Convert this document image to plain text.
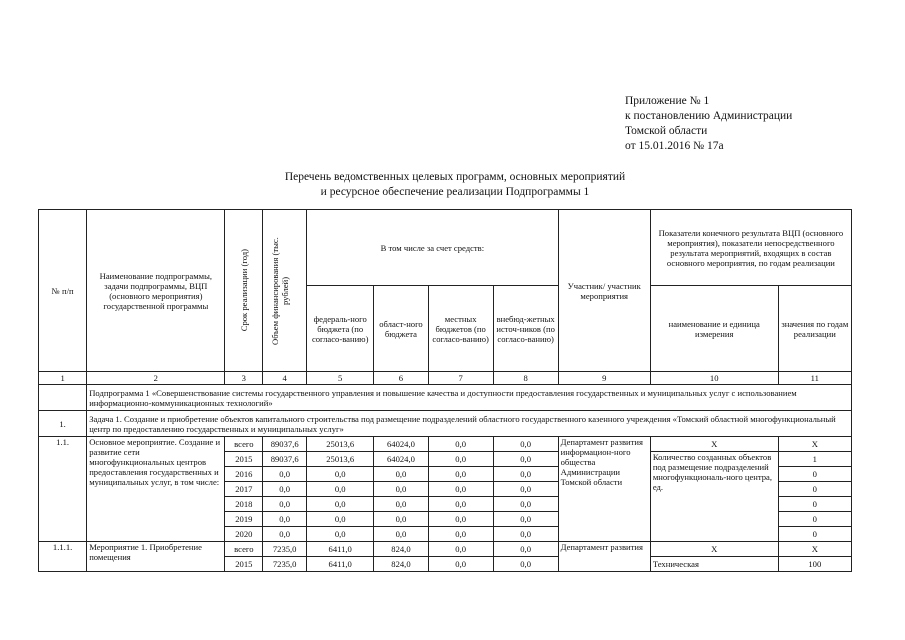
Приложение № 1
к постановлению Администрации
Томской области
от 15.01.2016 № 17а
Перечень ведомственных целевых программ, основных мероприятий
и ресурсное обеспечение реализации Подпрограммы 1
№ п/п	Наименование подпрограммы, задачи подпрограммы, ВЦП (основного мероприятия) государственной программы	Срок реализации (год)	Объем финансирования (тыс. рублей)	В том числе за счет средств:				Участник/ участник мероприятия	Показатели конечного результата ВЦП (основного мероприятия), показатели непосредственного результата мероприятий, входящих в состав основного мероприятия, по годам реализации	
				федераль-ного бюджета (по согласо-ванию)	област-ного бюджета	местных бюджетов (по согласо-ванию)	внебюд-жетных источ-ников (по согласо-ванию)		наименование и единица измерения	значения по годам реализации
1	2	3	4	5	6	7	8	9	10	11
	Подпрограмма 1 «Совершенствование системы государственного управления и повышение качества и доступности предоставления государственных и муниципальных услуг с использованием информационно-коммуникационных технологий»									
1.	Задача 1. Создание и приобретение объектов капитального строительства под размещение подразделений областного государственного казенного учреждения «Томский областной многофункциональный центр по предоставлению государственных и муниципальных услуг»									
1.1.	Основное мероприятие. Создание и развитие сети многофункциональных центров предоставления государственных и муниципальных услуг, в том числе:	всего	89037,6	25013,6	64024,0	0,0	0,0	Департамент развития информацион-ного общества Администрации Томской области	Х	Х
		2015	89037,6	25013,6	64024,0	0,0	0,0		Количество созданных объектов под размещение подразделений многофункциональ-ного центра, ед.	1
		2016	0,0	0,0	0,0	0,0	0,0			0
		2017	0,0	0,0	0,0	0,0	0,0			0
		2018	0,0	0,0	0,0	0,0	0,0			0
		2019	0,0	0,0	0,0	0,0	0,0			0
		2020	0,0	0,0	0,0	0,0	0,0			0
1.1.1.	Мероприятие 1. Приобретение помещения	всего	7235,0	6411,0	824,0	0,0	0,0	Департамент развития	Х	Х
		2015	7235,0	6411,0	824,0	0,0	0,0		Техническая	100
